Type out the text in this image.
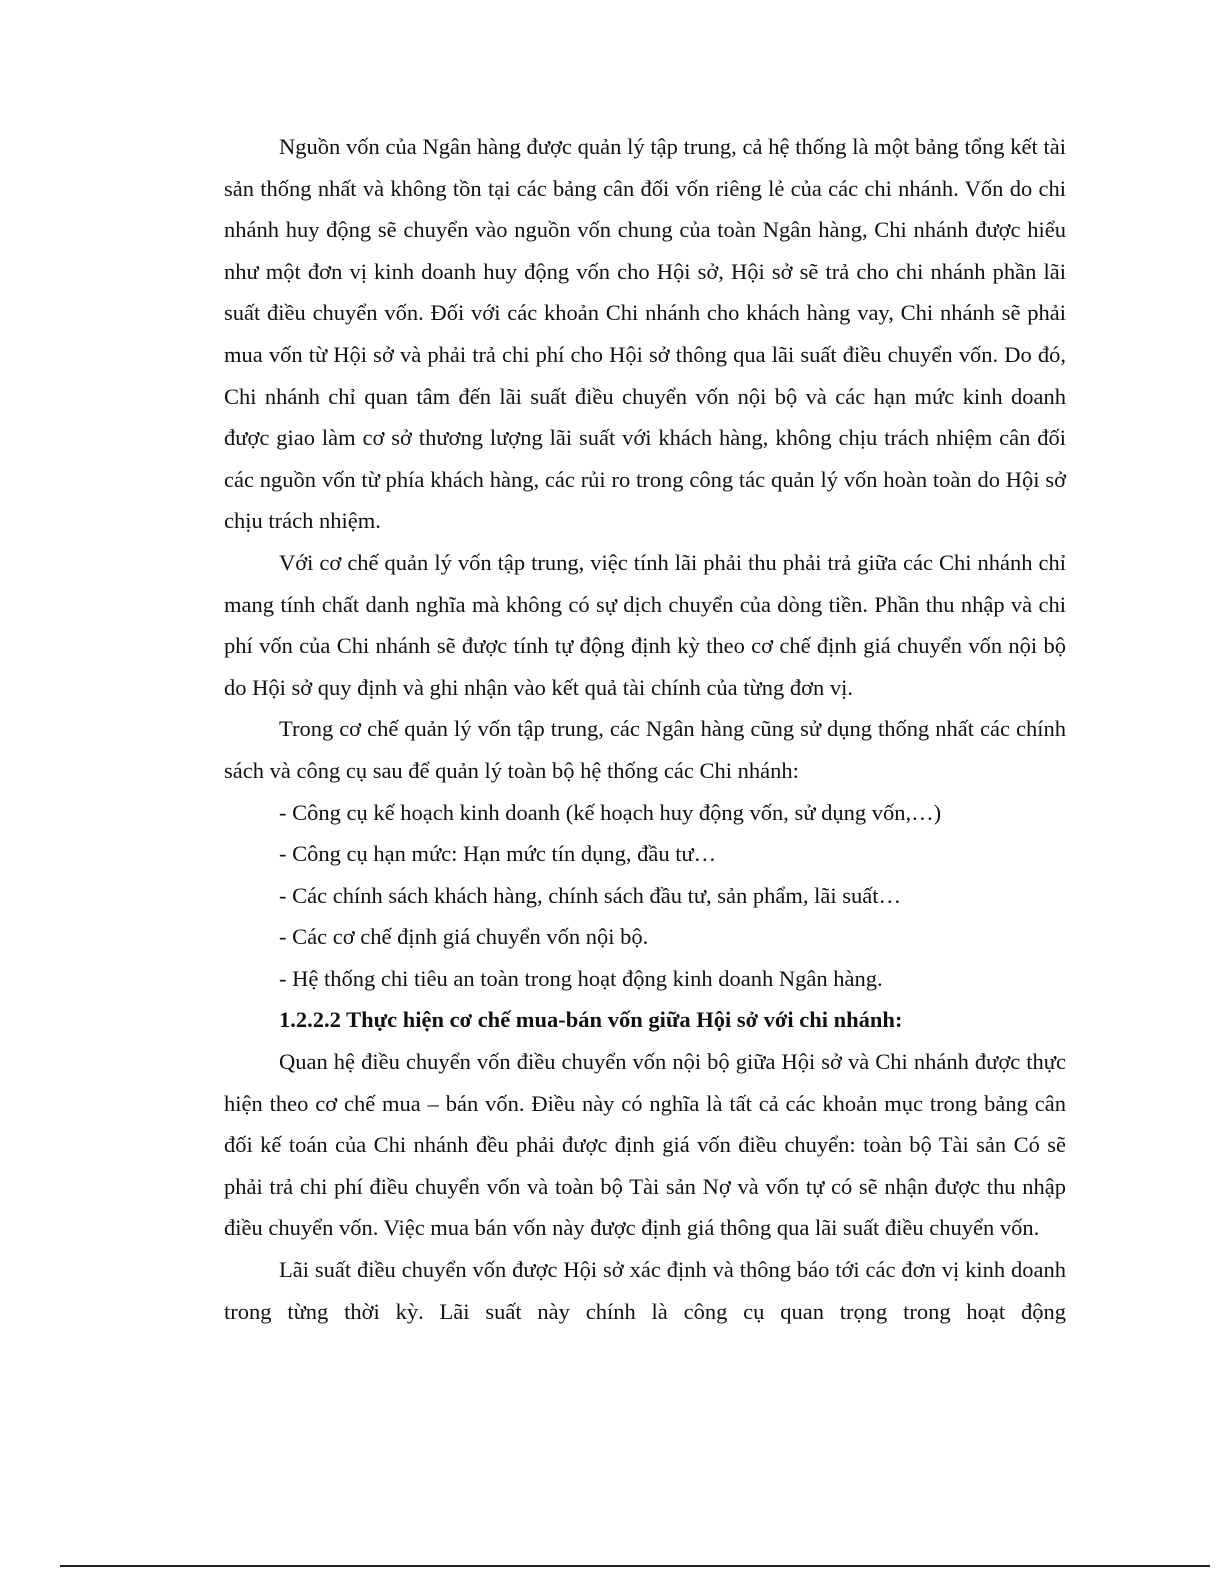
Nguồn vốn của Ngân hàng được quản lý tập trung, cả hệ thống là một bảng tổng kết tài sản thống nhất và không tồn tại các bảng cân đối vốn riêng lẻ của các chi nhánh. Vốn do chi nhánh huy động sẽ chuyển vào nguồn vốn chung của toàn Ngân hàng, Chi nhánh được hiểu như một đơn vị kinh doanh huy động vốn cho Hội sở, Hội sở sẽ trả cho chi nhánh phần lãi suất điều chuyển vốn. Đối với các khoản Chi nhánh cho khách hàng vay, Chi nhánh sẽ phải mua vốn từ Hội sở và phải trả chi phí cho Hội sở thông qua lãi suất điều chuyển vốn. Do đó, Chi nhánh chỉ quan tâm đến lãi suất điều chuyển vốn nội bộ và các hạn mức kinh doanh được giao làm cơ sở thương lượng lãi suất với khách hàng, không chịu trách nhiệm cân đối các nguồn vốn từ phía khách hàng, các rủi ro trong công tác quản lý vốn hoàn toàn do Hội sở chịu trách nhiệm.

Với cơ chế quản lý vốn tập trung, việc tính lãi phải thu phải trả giữa các Chi nhánh chỉ mang tính chất danh nghĩa mà không có sự dịch chuyển của dòng tiền. Phần thu nhập và chi phí vốn của Chi nhánh sẽ được tính tự động định kỳ theo cơ chế định giá chuyển vốn nội bộ do Hội sở quy định và ghi nhận vào kết quả tài chính của từng đơn vị.

Trong cơ chế quản lý vốn tập trung, các Ngân hàng cũng sử dụng thống nhất các chính sách và công cụ sau để quản lý toàn bộ hệ thống các Chi nhánh:

- Công cụ kế hoạch kinh doanh (kế hoạch huy động vốn, sử dụng vốn,…)

- Công cụ hạn mức: Hạn mức tín dụng, đầu tư…

- Các chính sách khách hàng, chính sách đầu tư, sản phẩm, lãi suất…

- Các cơ chế định giá chuyển vốn nội bộ.

- Hệ thống chi tiêu an toàn trong hoạt động kinh doanh Ngân hàng.

1.2.2.2 Thực hiện cơ chế mua-bán vốn giữa Hội sở với chi nhánh:

Quan hệ điều chuyển vốn điều chuyển vốn nội bộ giữa Hội sở và Chi nhánh được thực hiện theo cơ chế mua – bán vốn. Điều này có nghĩa là tất cả các khoản mục trong bảng cân đối kế toán của Chi nhánh đều phải được định giá vốn điều chuyển: toàn bộ Tài sản Có sẽ phải trả chi phí điều chuyển vốn và toàn bộ Tài sản Nợ và vốn tự có sẽ nhận được thu nhập điều chuyển vốn. Việc mua bán vốn này được định giá thông qua lãi suất điều chuyển vốn.

Lãi suất điều chuyển vốn được Hội sở xác định và thông báo tới các đơn vị kinh doanh trong từng thời kỳ. Lãi suất này chính là công cụ quan trọng trong hoạt động
